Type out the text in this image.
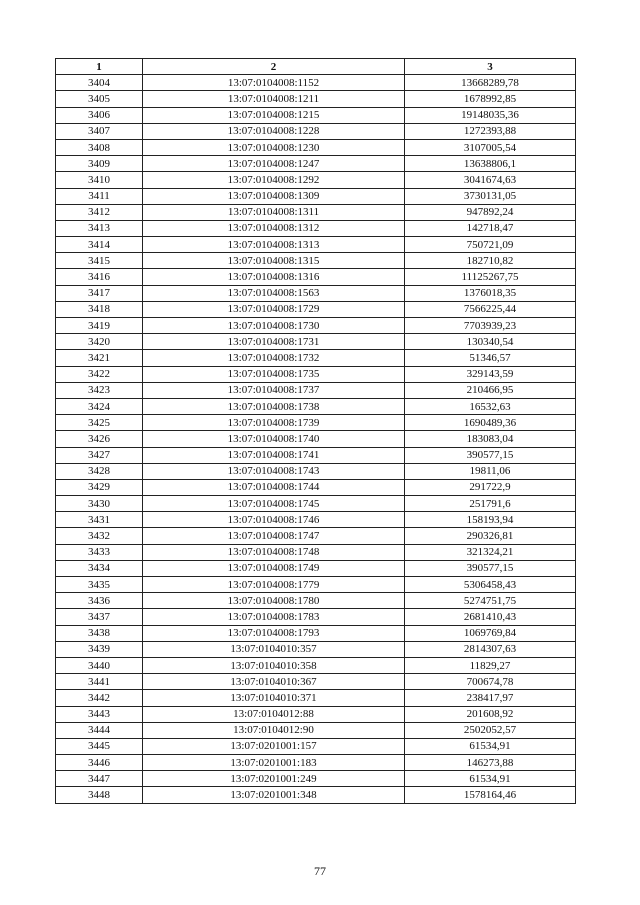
1	2	3
3404	13:07:0104008:1152	13668289,78
3405	13:07:0104008:1211	1678992,85
3406	13:07:0104008:1215	19148035,36
3407	13:07:0104008:1228	1272393,88
3408	13:07:0104008:1230	3107005,54
3409	13:07:0104008:1247	13638806,1
3410	13:07:0104008:1292	3041674,63
3411	13:07:0104008:1309	3730131,05
3412	13:07:0104008:1311	947892,24
3413	13:07:0104008:1312	142718,47
3414	13:07:0104008:1313	750721,09
3415	13:07:0104008:1315	182710,82
3416	13:07:0104008:1316	11125267,75
3417	13:07:0104008:1563	1376018,35
3418	13:07:0104008:1729	7566225,44
3419	13:07:0104008:1730	7703939,23
3420	13:07:0104008:1731	130340,54
3421	13:07:0104008:1732	51346,57
3422	13:07:0104008:1735	329143,59
3423	13:07:0104008:1737	210466,95
3424	13:07:0104008:1738	16532,63
3425	13:07:0104008:1739	1690489,36
3426	13:07:0104008:1740	183083,04
3427	13:07:0104008:1741	390577,15
3428	13:07:0104008:1743	19811,06
3429	13:07:0104008:1744	291722,9
3430	13:07:0104008:1745	251791,6
3431	13:07:0104008:1746	158193,94
3432	13:07:0104008:1747	290326,81
3433	13:07:0104008:1748	321324,21
3434	13:07:0104008:1749	390577,15
3435	13:07:0104008:1779	5306458,43
3436	13:07:0104008:1780	5274751,75
3437	13:07:0104008:1783	2681410,43
3438	13:07:0104008:1793	1069769,84
3439	13:07:0104010:357	2814307,63
3440	13:07:0104010:358	11829,27
3441	13:07:0104010:367	700674,78
3442	13:07:0104010:371	238417,97
3443	13:07:0104012:88	201608,92
3444	13:07:0104012:90	2502052,57
3445	13:07:0201001:157	61534,91
3446	13:07:0201001:183	146273,88
3447	13:07:0201001:249	61534,91
3448	13:07:0201001:348	1578164,46
77
